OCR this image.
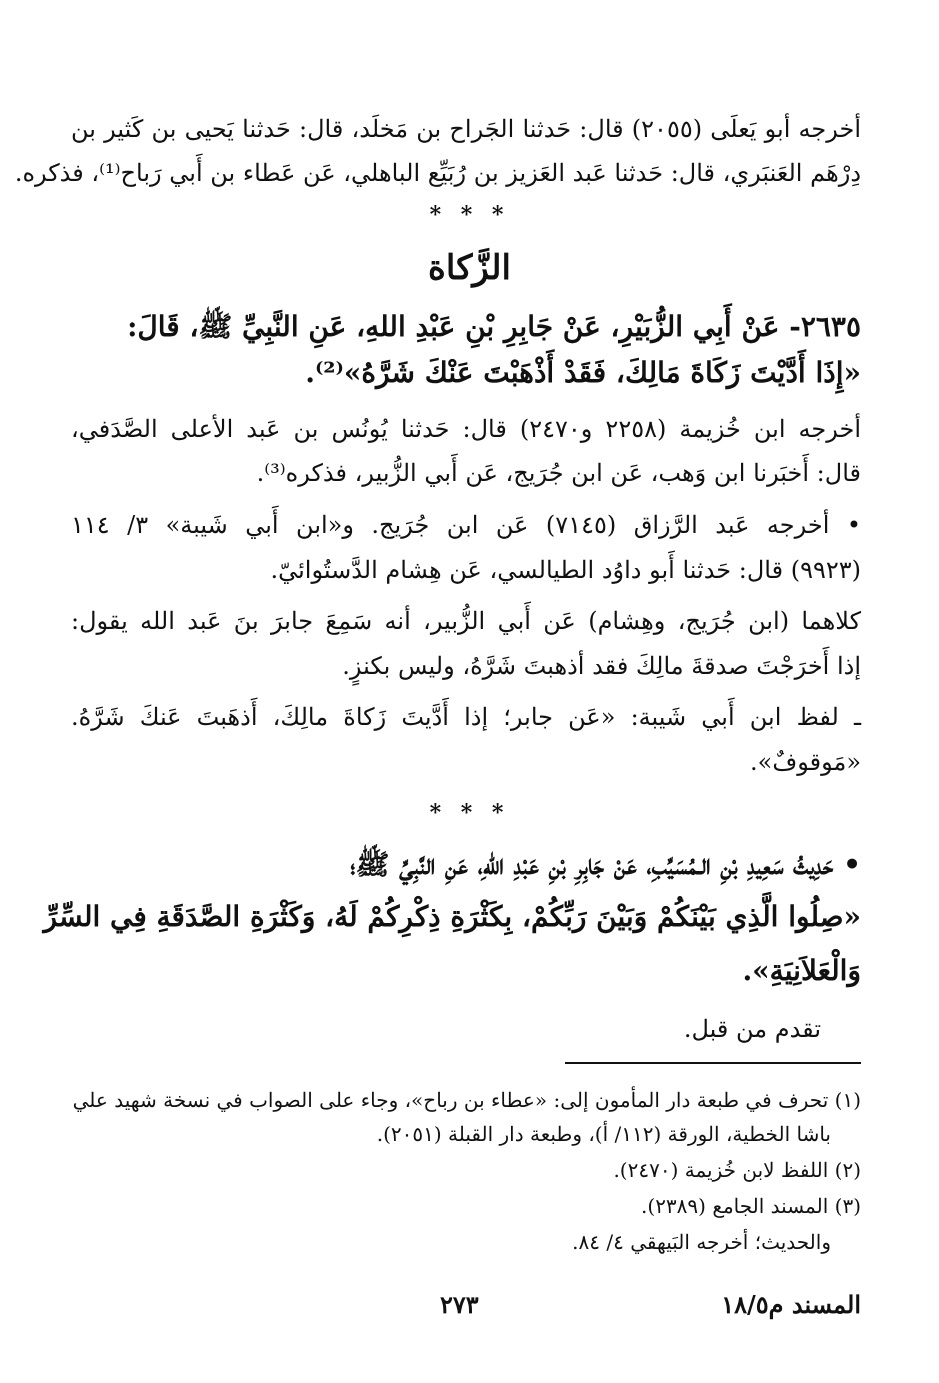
أخرجه أبو يَعلَى (٢٠٥٥) قال: حَدثنا الجَراح بن مَخلَد، قال: حَدثنا يَحيى بن كَثير بن
دِرْهَم العَنبَري، قال: حَدثنا عَبد العَزيز بن رُبَيِّع الباهلي، عَن عَطاء بن أَبي رَباح⁽¹⁾، فذكره.
* * *
الزَّكاة
٢٦٣٥- عَنْ أَبِي الزُّبَيْرِ، عَنْ جَابِرِ بْنِ عَبْدِ اللهِ، عَنِ النَّبِيِّ ﷺ، قَالَ:
«إِذَا أَدَّيْتَ زَكَاةَ مَالِكَ، فَقَدْ أَذْهَبْتَ عَنْكَ شَرَّهُ»⁽²⁾.
أخرجه ابن خُزيمة (٢٢٥٨ و٢٤٧٠) قال: حَدثنا يُونُس بن عَبد الأعلى الصَّدَفي،
قال: أَخبَرنا ابن وَهب، عَن ابن جُرَيج، عَن أَبي الزُّبير، فذكره⁽³⁾.
• أخرجه عَبد الرَّزاق (٧١٤٥) عَن ابن جُرَيج. و«ابن أَبي شَيبة» ٣/ ١١٤
(٩٩٢٣) قال: حَدثنا أَبو داوُد الطيالسي، عَن هِشام الدَّستُوائيّ.
كلاهما (ابن جُرَيج، وهِشام) عَن أَبي الزُّبير، أنه سَمِعَ جابرَ بنَ عَبد الله يقول:
إذا أَخرَجْتَ صدقةَ مالِكَ فقد أذهبتَ شَرَّهُ، وليس بكنزٍ.
ـ لفظ ابن أَبي شَيبة: «عَن جابر؛ إذا أَدَّيتَ زَكاةَ مالِكَ، أَذهَبتَ عَنكَ شَرَّهُ.
«مَوقوفٌ».
* * *
• حَدِيثُ سَعِيدِ بْنِ الـمُسَيِّبِ، عَنْ جَابِرِ بْنِ عَبْدِ اللهِ، عَنِ النَّبِيِّ ﷺ؛
«صِلُوا الَّذِي بَيْنَكُمْ وَبَيْنَ رَبِّكُمْ، بِكَثْرَةِ ذِكْرِكُمْ لَهُ، وَكَثْرَةِ الصَّدَقَةِ فِي السِّرِّ
وَالْعَلاَنِيَةِ».
تقدم من قبل.
(١) تحرف في طبعة دار المأمون إلى: «عطاء بن رباح»، وجاء على الصواب في نسخة شهيد علي
باشا الخطية، الورقة (١١٢/ أ)، وطبعة دار القبلة (٢٠٥١).
(٢) اللفظ لابن خُزيمة (٢٤٧٠).
(٣) المسند الجامع (٢٣٨٩).
والحديث؛ أخرجه البَيهقي ٤/ ٨٤.
المسند م١٨/٥
٢٧٣
